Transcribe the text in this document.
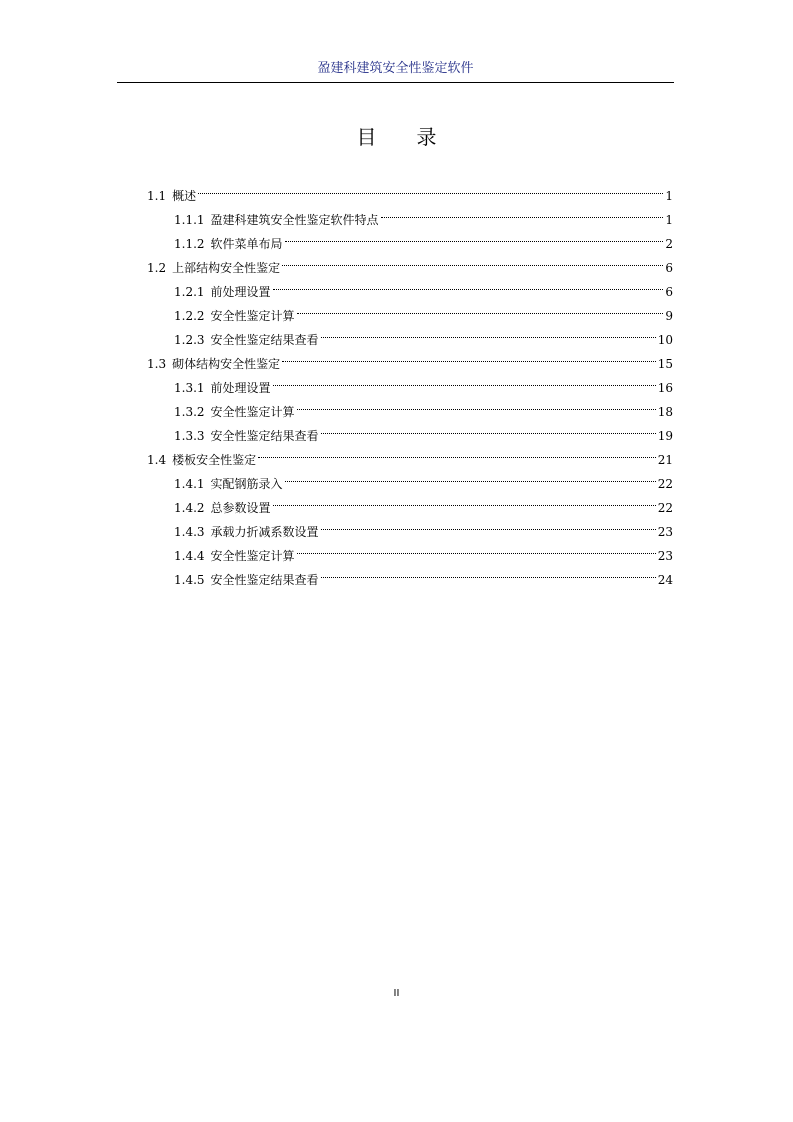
盈建科建筑安全性鉴定软件
目录
1.1 概述	1
1.1.1 盈建科建筑安全性鉴定软件特点	1
1.1.2 软件菜单布局	2
1.2 上部结构安全性鉴定	6
1.2.1 前处理设置	6
1.2.2 安全性鉴定计算	9
1.2.3 安全性鉴定结果查看	10
1.3 砌体结构安全性鉴定	15
1.3.1 前处理设置	16
1.3.2 安全性鉴定计算	18
1.3.3 安全性鉴定结果查看	19
1.4 楼板安全性鉴定	21
1.4.1 实配钢筋录入	22
1.4.2 总参数设置	22
1.4.3 承载力折减系数设置	23
1.4.4 安全性鉴定计算	23
1.4.5 安全性鉴定结果查看	24
II
